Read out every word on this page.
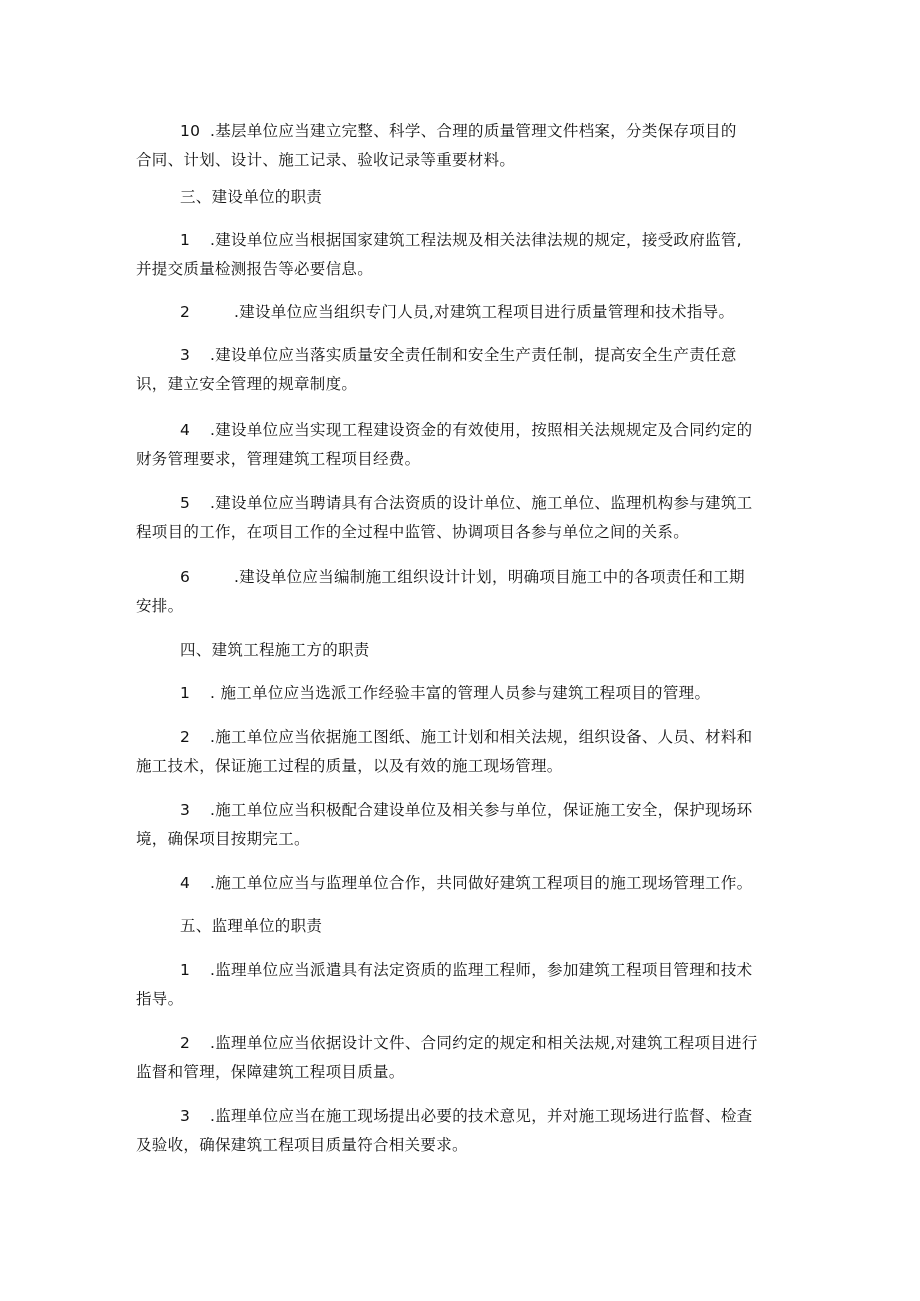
10 .基层单位应当建立完整、科学、合理的质量管理文件档案，分类保存项目的
合同、计划、设计、施工记录、验收记录等重要材料。

三、建设单位的职责

1 .建设单位应当根据国家建筑工程法规及相关法律法规的规定，接受政府监管,
并提交质量检测报告等必要信息。

2	.建设单位应当组织专门人员,对建筑工程项目进行质量管理和技术指导。

3 .建设单位应当落实质量安全责任制和安全生产责任制，提高安全生产责任意
识，建立安全管理的规章制度。

4 .建设单位应当实现工程建设资金的有效使用，按照相关法规规定及合同约定的
财务管理要求，管理建筑工程项目经费。

5 .建设单位应当聘请具有合法资质的设计单位、施工单位、监理机构参与建筑工
程项目的工作，在项目工作的全过程中监管、协调项目各参与单位之间的关系。

6	.建设单位应当编制施工组织设计计划，明确项目施工中的各项责任和工期
安排。

四、建筑工程施工方的职责

1 . 施工单位应当选派工作经验丰富的管理人员参与建筑工程项目的管理。

2 .施工单位应当依据施工图纸、施工计划和相关法规，组织设备、人员、材料和
施工技术，保证施工过程的质量，以及有效的施工现场管理。

3 .施工单位应当积极配合建设单位及相关参与单位，保证施工安全，保护现场环
境，确保项目按期完工。

4 .施工单位应当与监理单位合作，共同做好建筑工程项目的施工现场管理工作。

五、监理单位的职责

1 .监理单位应当派遣具有法定资质的监理工程师，参加建筑工程项目管理和技术
指导。

2 .监理单位应当依据设计文件、合同约定的规定和相关法规,对建筑工程项目进行
监督和管理，保障建筑工程项目质量。

3 .监理单位应当在施工现场提出必要的技术意见，并对施工现场进行监督、检查
及验收，确保建筑工程项目质量符合相关要求。
